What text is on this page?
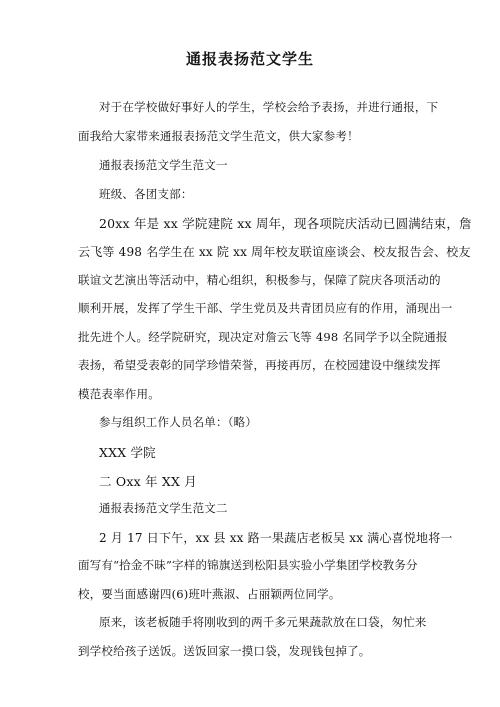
通报表扬范文学生
对于在学校做好事好人的学生，学校会给予表扬，并进行通报，下
面我给大家带来通报表扬范文学生范文，供大家参考！
通报表扬范文学生范文一
班级、各团支部：
20xx 年是 xx 学院建院 xx 周年，现各项院庆活动已圆满结束，詹
云飞等 498 名学生在 xx 院 xx 周年校友联谊座谈会、校友报告会、校友
联谊文艺演出等活动中，精心组织，积极参与，保障了院庆各项活动的
顺利开展，发挥了学生干部、学生党员及共青团员应有的作用，涌现出一
批先进个人。经学院研究，现决定对詹云飞等 498 名同学予以全院通报
表扬，希望受表彰的同学珍惜荣誉，再接再厉，在校园建设中继续发挥
模范表率作用。
参与组织工作人员名单：（略）
XXX 学院
二 Oxx 年 XX 月
通报表扬范文学生范文二
2 月 17 日下午，xx 县 xx 路一果蔬店老板吴 xx 满心喜悦地将一
面写有“拾金不昧”字样的锦旗送到松阳县实验小学集团学校教务分
校，要当面感谢四(6)班叶燕淑、占丽颖两位同学。
原来，该老板随手将刚收到的两千多元果蔬款放在口袋，匆忙来
到学校给孩子送饭。送饭回家一摸口袋，发现钱包掉了。
